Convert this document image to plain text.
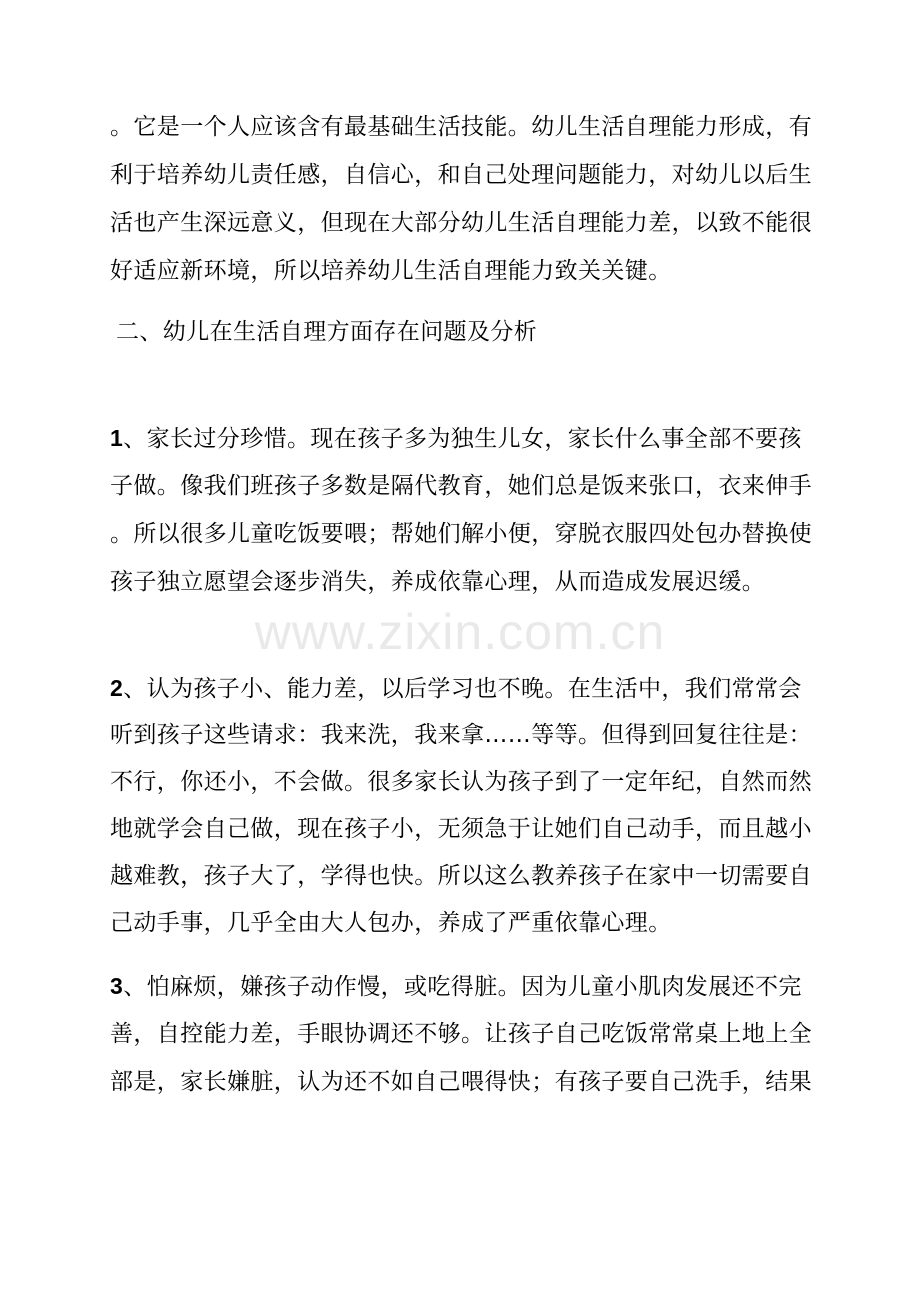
。它是一个人应该含有最基础生活技能。幼儿生活自理能力形成，有
利于培养幼儿责任感，自信心，和自己处理问题能力，对幼儿以后生
活也产生深远意义，但现在大部分幼儿生活自理能力差，以致不能很
好适应新环境，所以培养幼儿生活自理能力致关关键。
二、幼儿在生活自理方面存在问题及分析
1、家长过分珍惜。现在孩子多为独生儿女，家长什么事全部不要孩
子做。像我们班孩子多数是隔代教育，她们总是饭来张口，衣来伸手
。所以很多儿童吃饭要喂；帮她们解小便，穿脱衣服四处包办替换使
孩子独立愿望会逐步消失，养成依靠心理，从而造成发展迟缓。
www.zixin.com.cn
2、认为孩子小、能力差，以后学习也不晚。在生活中，我们常常会
听到孩子这些请求：我来洗，我来拿……等等。但得到回复往往是：
不行，你还小，不会做。很多家长认为孩子到了一定年纪，自然而然
地就学会自己做，现在孩子小，无须急于让她们自己动手，而且越小
越难教，孩子大了，学得也快。所以这么教养孩子在家中一切需要自
己动手事，几乎全由大人包办，养成了严重依靠心理。
3、怕麻烦，嫌孩子动作慢，或吃得脏。因为儿童小肌肉发展还不完
善，自控能力差，手眼协调还不够。让孩子自己吃饭常常桌上地上全
部是，家长嫌脏，认为还不如自己喂得快；有孩子要自己洗手，结果
